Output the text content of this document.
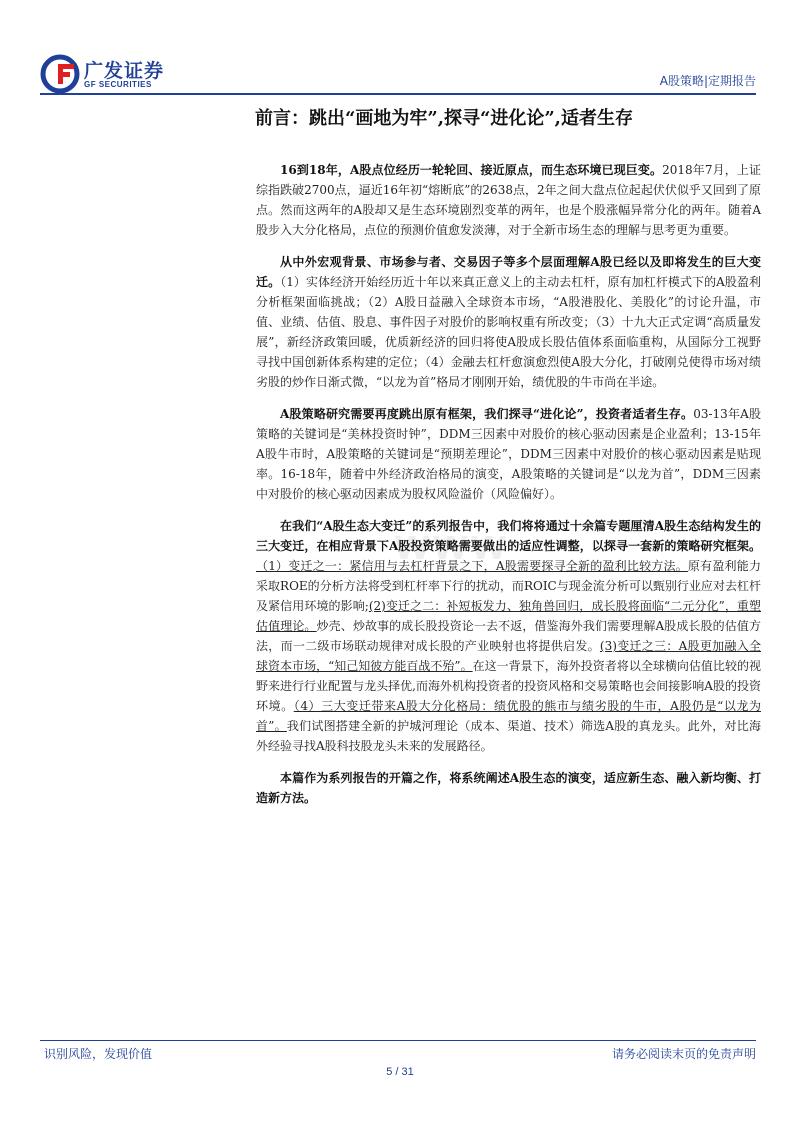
广发证券
GF SECURITIES	A股策略|定期报告
前言：跳出“画地为牢”,探寻“进化论”,适者生存
www

16到18年，A股点位经历一轮轮回、接近原点，而生态环境已现巨变。2018年7月，上证综指跌破2700点，逼近16年初“熔断底”的2638点，2年之间大盘点位起起伏伏似乎又回到了原点。然而这两年的A股却又是生态环境剧烈变革的两年，也是个股涨幅异常分化的两年。随着A股步入大分化格局，点位的预测价值愈发淡薄，对于全新市场生态的理解与思考更为重要。

从中外宏观背景、市场参与者、交易因子等多个层面理解A股已经以及即将发生的巨大变迁。（1）实体经济开始经历近十年以来真正意义上的主动去杠杆，原有加杠杆模式下的A股盈利分析框架面临挑战；（2）A股日益融入全球资本市场，“A股港股化、美股化”的讨论升温，市值、业绩、估值、股息、事件因子对股价的影响权重有所改变；（3）十九大正式定调“高质量发展”，新经济政策回暖，优质新经济的回归将使A股成长股估值体系面临重构，从国际分工视野寻找中国创新体系构建的定位；（4）金融去杠杆愈演愈烈使A股大分化，打破刚兑使得市场对绩劣股的炒作日渐式微，“以龙为首”格局才刚刚开始，绩优股的牛市尚在半途。

A股策略研究需要再度跳出原有框架，我们探寻“进化论”，投资者适者生存。03-13年A股策略的关键词是“美林投资时钟”，DDM三因素中对股价的核心驱动因素是企业盈利；13-15年A股牛市时，A股策略的关键词是“预期差理论”，DDM三因素中对股价的核心驱动因素是贴现率。16-18年，随着中外经济政治格局的演变，A股策略的关键词是“以龙为首”，DDM三因素中对股价的核心驱动因素成为股权风险溢价（风险偏好）。

在我们“A股生态大变迁”的系列报告中，我们将将通过十余篇专题厘清A股生态结构发生的三大变迁，在相应背景下A股投资策略需要做出的适应性调整，以探寻一套新的策略研究框架。（1）变迁之一：紧信用与去杠杆背景之下，A股需要探寻全新的盈利比较方法。原有盈利能力采取ROE的分析方法将受到杠杆率下行的扰动，而ROIC与现金流分析可以甄别行业应对去杠杆及紧信用环境的影响;(2)变迁之二：补短板发力、独角兽回归，成长股将面临“二元分化”，重塑估值理论。炒壳、炒故事的成长股投资论一去不返，借鉴海外我们需要理解A股成长股的估值方法，而一二级市场联动规律对成长股的产业映射也将提供启发。(3)变迁之三：A股更加融入全球资本市场，“知己知彼方能百战不殆”。在这一背景下，海外投资者将以全球横向估值比较的视野来进行行业配置与龙头择优,而海外机构投资者的投资风格和交易策略也会间接影响A股的投资环境。（4）三大变迁带来A股大分化格局：绩优股的熊市与绩劣股的牛市，A股仍是“以龙为首”。我们试图搭建全新的护城河理论（成本、渠道、技术）筛选A股的真龙头。此外，对比海外经验寻找A股科技股龙头未来的发展路径。

本篇作为系列报告的开篇之作，将系统阐述A股生态的演变，适应新生态、融入新均衡、打造新方法。

识别风险，发现价值	请务必阅读末页的免责声明
5 / 31
